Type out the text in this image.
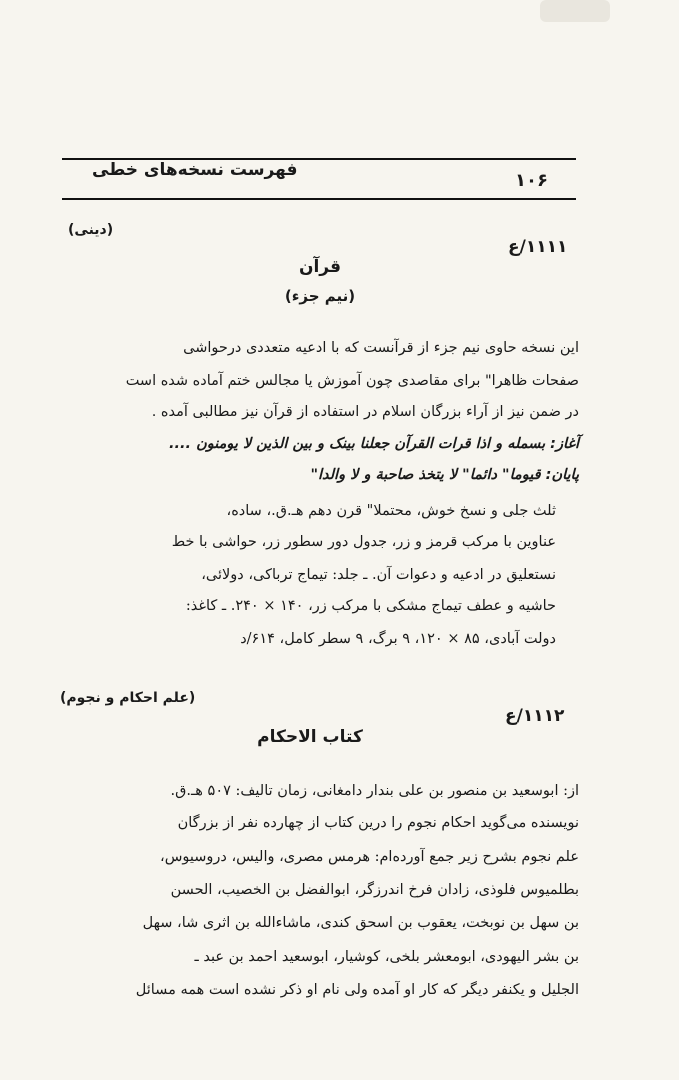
فهرست نسخه‌های خطی	۱۰۶
(دینی)
۱۱۱۱/ع
قرآن
(نیم جزء)
این نسخه حاوی نیم جزء از قرآنست که با ادعیه متعددی درحواشی
صفحات ظاهرا" برای مقاصدی چون آموزش یا مجالس ختم آماده شده است
در ضمن نیز از آراء بزرگان اسلام در استفاده از قرآن نیز مطالبی آمده .
آغاز: بسمله و اذا قرات القرآن جعلنا بینک و بین الذین لا یومنون ....
پایان: قیوما" دائما" لا یتخذ صاحبة و لا والدا"
ثلث جلی و نسخ خوش، محتملا" قرن دهم هـ.ق.، ساده،
عناوین با مرکب قرمز و زر، جدول دور سطور زر، حواشی با خط
نستعلیق در ادعیه و دعوات آن. ـ جلد: تیماج ترباکی، دولائی،
حاشیه و عطف تیماج مشکی با مرکب زر، ۱۴۰ × ۲۴۰. ـ کاغذ:
دولت آبادی، ۸۵ × ۱۲۰، ۹ برگ، ۹ سطر کامل، ۶۱۴/د
(علم احکام و نجوم)
۱۱۱۲/ع
کتاب الاحکام
از: ابوسعید بن منصور بن علی بندار دامغانی، زمان تالیف: ۵۰۷ هـ.ق.
نویسنده می‌گوید احکام نجوم را درین کتاب از چهارده نفر از بزرگان
علم نجوم بشرح زیر جمع آورده‌ام: هرمس مصری، والیس، دروسیوس،
بطلمیوس فلوذی، زادان فرخ اندرزگر، ابوالفضل بن الخصیب، الحسن
بن سهل بن نوبخت، یعقوب بن اسحق کندی، ماشاءالله بن اثری شا، سهل
بن بشر الیهودی، ابومعشر بلخی، کوشیار، ابوسعید احمد بن عبد ـ
الجلیل و یکنفر دیگر که کار او آمده ولی نام او ذکر نشده است همه مسائل
